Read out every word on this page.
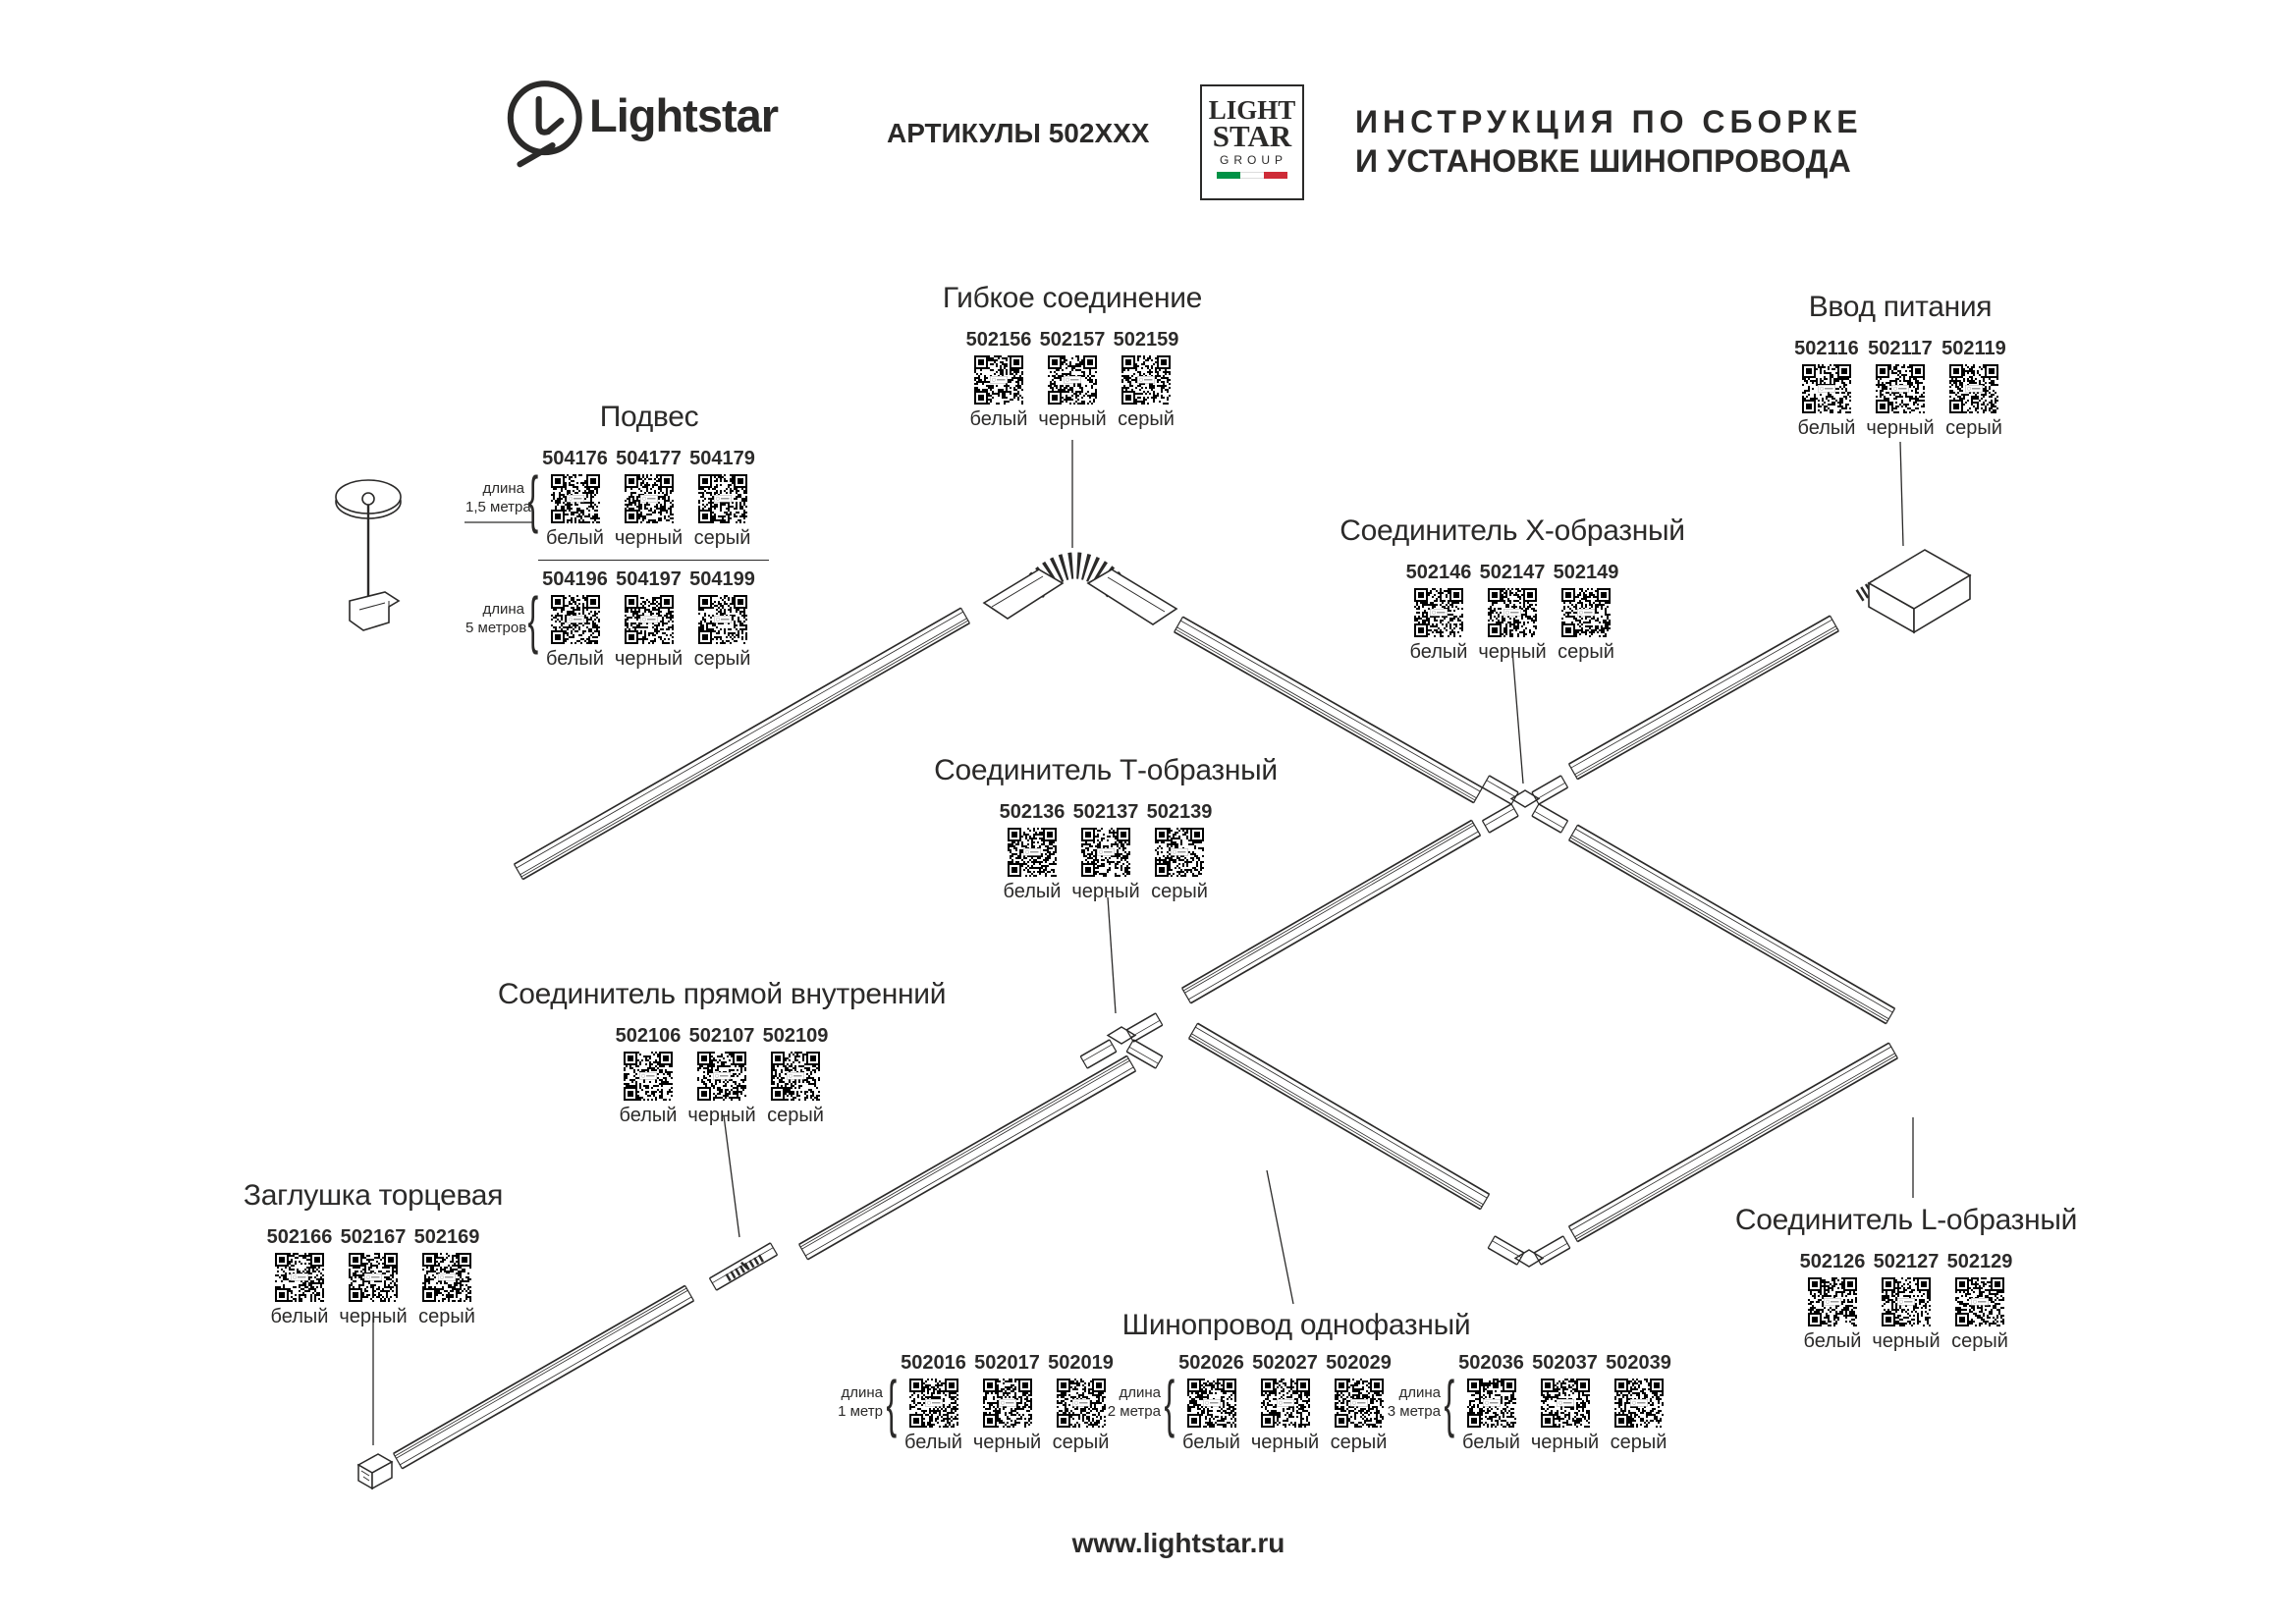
Lightstar	АРТИКУЛЫ 502ХХХ
LIGHT
STAR
GROUP
ИНСТРУКЦИЯ ПО СБОРКЕ
И УСТАНОВКЕ ШИНОПРОВОДА
Гибкое соединение
502156
белый
502157
черный
502159
серый
Ввод питания
502116
белый
502117
черный
502119
серый
Подвес
длина
1,5 метра
{
504176
белый
504177
черный
504179
серый
длина
5 метров {
504196
белый
504197
черный
504199
серый
Соединитель Х-образный
502146
белый
502147
черный
502149
серый
Соединитель Т-образный
502136
белый
502137
черный
502139
серый
Соединитель прямой внутренний
502106
белый
502107
черный
502109
серый
Заглушка торцевая
502166
белый
502167
черный
502169
серый
Соединитель L-образный
502126
белый
502127
черный
502129
серый
Шинопровод однофазный
длина
1 метр {
502016
белый
502017
черный
502019
серый
длина
2 метра {
502026
белый
502027
черный
502029
серый
длина
3 метра {
502036
белый
502037
черный
502039
серый
www.lightstar.ru
